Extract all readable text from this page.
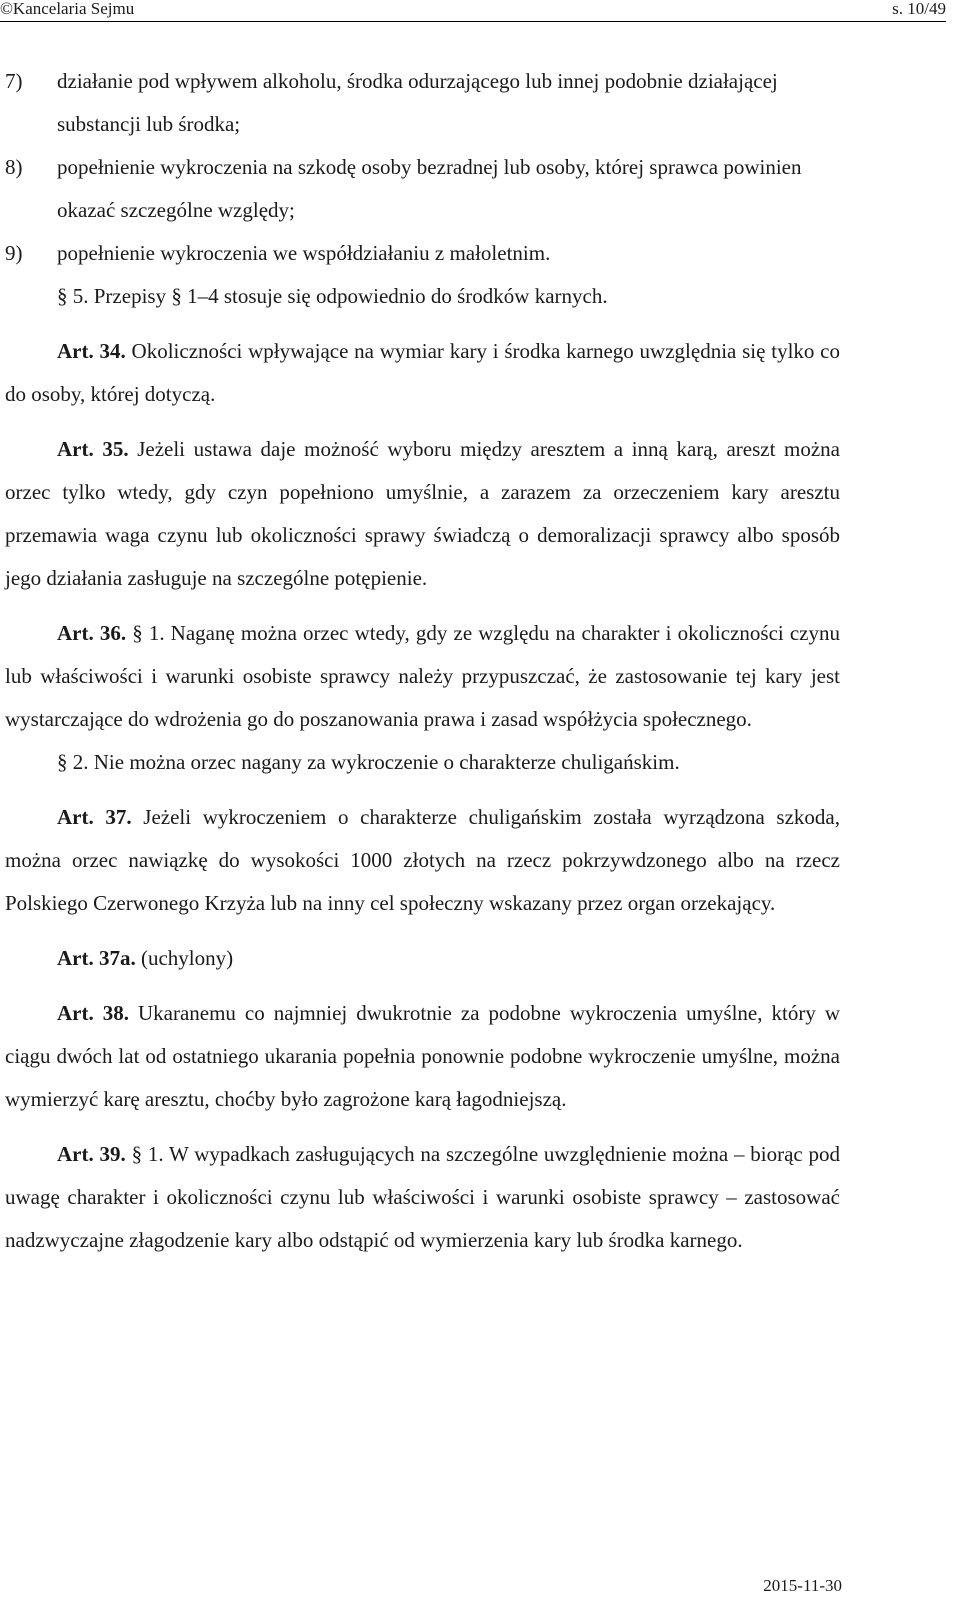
©Kancelaria Sejmu	s. 10/49
7) działanie pod wpływem alkoholu, środka odurzającego lub innej podobnie działającej substancji lub środka;
8) popełnienie wykroczenia na szkodę osoby bezradnej lub osoby, której sprawca powinien okazać szczególne względy;
9) popełnienie wykroczenia we współdziałaniu z małoletnim.

§ 5. Przepisy § 1–4 stosuje się odpowiednio do środków karnych.

Art. 34. Okoliczności wpływające na wymiar kary i środka karnego uwzględnia się tylko co do osoby, której dotyczą.

Art. 35. Jeżeli ustawa daje możność wyboru między aresztem a inną karą, areszt można orzec tylko wtedy, gdy czyn popełniono umyślnie, a zarazem za orzeczeniem kary aresztu przemawia waga czynu lub okoliczności sprawy świadczą o demoralizacji sprawcy albo sposób jego działania zasługuje na szczególne potępienie.

Art. 36. § 1. Naganę można orzec wtedy, gdy ze względu na charakter i okoliczności czynu lub właściwości i warunki osobiste sprawcy należy przypuszczać, że zastosowanie tej kary jest wystarczające do wdrożenia go do poszanowania prawa i zasad współżycia społecznego.

§ 2. Nie można orzec nagany za wykroczenie o charakterze chuligańskim.

Art. 37. Jeżeli wykroczeniem o charakterze chuligańskim została wyrządzona szkoda, można orzec nawiązkę do wysokości 1000 złotych na rzecz pokrzywdzonego albo na rzecz Polskiego Czerwonego Krzyża lub na inny cel społeczny wskazany przez organ orzekający.

Art. 37a. (uchylony)

Art. 38. Ukaranemu co najmniej dwukrotnie za podobne wykroczenia umyślne, który w ciągu dwóch lat od ostatniego ukarania popełnia ponownie podobne wykroczenie umyślne, można wymierzyć karę aresztu, choćby było zagrożone karą łagodniejszą.

Art. 39. § 1. W wypadkach zasługujących na szczególne uwzględnienie można – biorąc pod uwagę charakter i okoliczności czynu lub właściwości i warunki osobiste sprawcy – zastosować nadzwyczajne złagodzenie kary albo odstąpić od wymierzenia kary lub środka karnego.

2015-11-30
